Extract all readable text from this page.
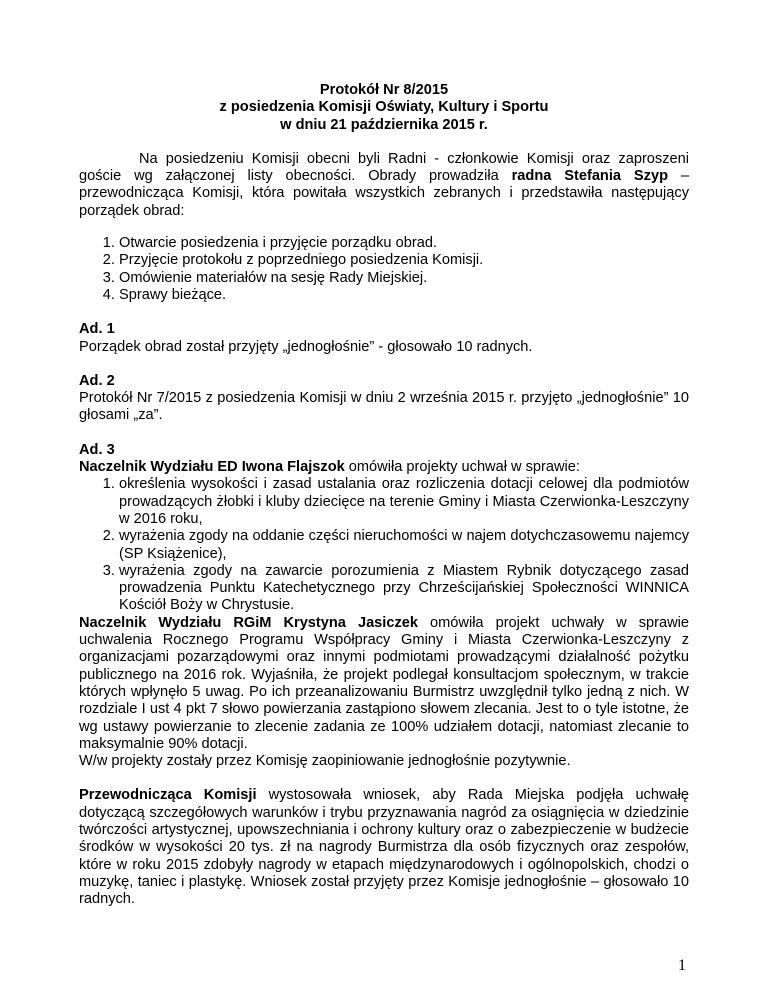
Protokół Nr 8/2015
z posiedzenia Komisji Oświaty, Kultury i Sportu
w dniu 21 października 2015 r.

Na posiedzeniu Komisji obecni byli Radni - członkowie Komisji oraz zaproszeni goście wg załączonej listy obecności. Obrady prowadziła radna Stefania Szyp – przewodnicząca Komisji, która powitała wszystkich zebranych i przedstawiła następujący porządek obrad:

1. Otwarcie posiedzenia i przyjęcie porządku obrad.
2. Przyjęcie protokołu z poprzedniego posiedzenia Komisji.
3. Omówienie materiałów na sesję Rady Miejskiej.
4. Sprawy bieżące.
Ad. 1

Porządek obrad został przyjęty „jednogłośnie” - głosowało 10 radnych.

Ad. 2

Protokół Nr 7/2015 z posiedzenia Komisji w dniu 2 września 2015 r. przyjęto „jednogłośnie” 10 głosami „za”.

Ad. 3

Naczelnik Wydziału ED Iwona Flajszok omówiła projekty uchwał w sprawie:

1. określenia wysokości i zasad ustalania oraz rozliczenia dotacji celowej dla podmiotów prowadzących żłobki i kluby dziecięce na terenie Gminy i Miasta Czerwionka-Leszczyny w 2016 roku,
2. wyrażenia zgody na oddanie części nieruchomości w najem dotychczasowemu najemcy (SP Książenice),
3. wyrażenia zgody na zawarcie porozumienia z Miastem Rybnik dotyczącego zasad prowadzenia Punktu Katechetycznego przy Chrześcijańskiej Społeczności WINNICA Kościół Boży w Chrystusie.

Naczelnik Wydziału RGiM Krystyna Jasiczek omówiła projekt uchwały w sprawie uchwalenia Rocznego Programu Współpracy Gminy i Miasta Czerwionka-Leszczyny z organizacjami pozarządowymi oraz innymi podmiotami prowadzącymi działalność pożytku publicznego na 2016 rok. Wyjaśniła, że projekt podlegał konsultacjom społecznym, w trakcie których wpłynęło 5 uwag. Po ich przeanalizowaniu Burmistrz uwzględnił tylko jedną z nich. W rozdziale I ust 4 pkt 7 słowo powierzania zastąpiono słowem zlecania. Jest to o tyle istotne, że wg ustawy powierzanie to zlecenie zadania ze 100% udziałem dotacji, natomiast zlecanie to maksymalnie 90% dotacji.

W/w projekty zostały przez Komisję zaopiniowanie jednogłośnie pozytywnie.

Przewodnicząca Komisji wystosowała wniosek, aby Rada Miejska podjęła uchwałę dotyczącą szczegółowych warunków i trybu przyznawania nagród za osiągnięcia w dziedzinie twórczości artystycznej, upowszechniania i ochrony kultury oraz o zabezpieczenie w budżecie środków w wysokości 20 tys. zł na nagrody Burmistrza dla osób fizycznych oraz zespołów, które w roku 2015 zdobyły nagrody w etapach międzynarodowych i ogólnopolskich, chodzi o muzykę, taniec i plastykę. Wniosek został przyjęty przez Komisje jednogłośnie – głosowało 10 radnych.

1
